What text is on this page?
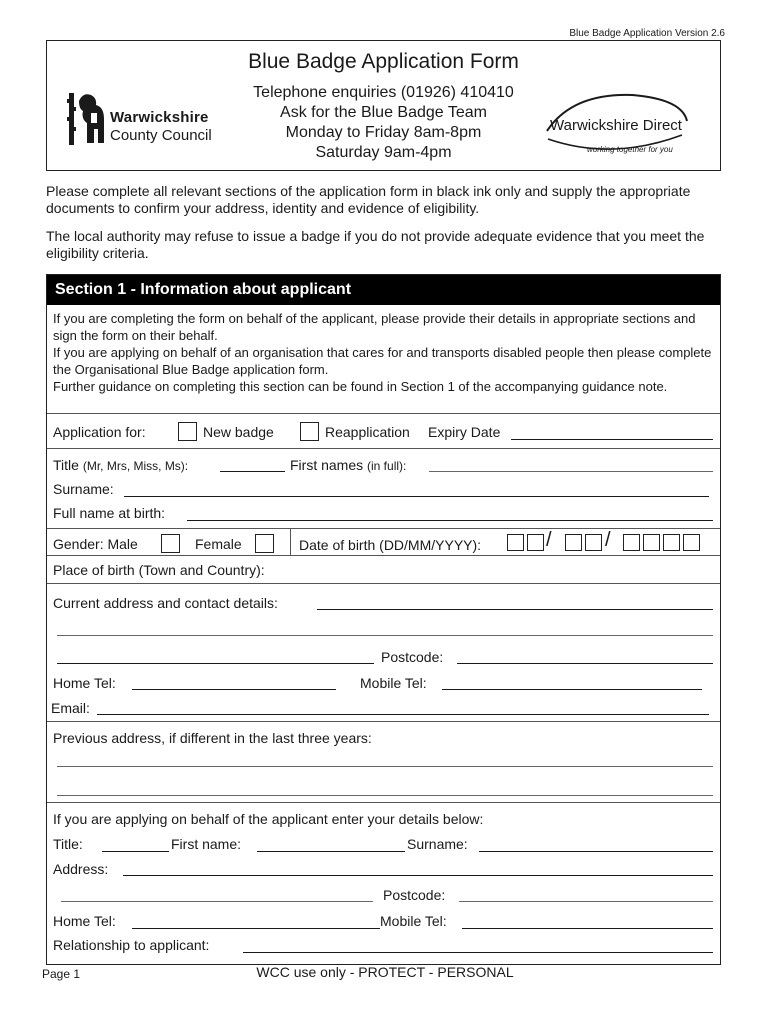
Blue Badge Application Version 2.6
Blue Badge Application Form
Telephone enquiries (01926) 410410
Ask for the Blue Badge Team
Monday to Friday 8am-8pm
Saturday 9am-4pm
Warwickshire
County Council
Warwickshire Direct
working together for you
Please complete all relevant sections of the application form in black ink only and supply the appropriate documents to confirm your address, identity and evidence of eligibility.
The local authority may refuse to issue a badge if you do not provide adequate evidence that you meet the eligibility criteria.
Section 1 - Information about applicant
If you are completing the form on behalf of the applicant, please provide their details in appropriate sections and sign the form on their behalf.
If you are applying on behalf of an organisation that cares for and transports disabled people then please complete the Organisational Blue Badge application form.
Further guidance on completing this section can be found in Section 1 of the accompanying guidance note.
Application for:	New badge	Reapplication Expiry Date
Title (Mr, Mrs, Miss, Ms):	First names (in full):
Surname:
Full name at birth:
Gender: Male	Female	Date of birth (DD/MM/YYYY):	/	/
Place of birth (Town and Country):
Current address and contact details:
Postcode:
Home Tel:	Mobile Tel:
Email:
Previous address, if different in the last three years:
If you are applying on behalf of the applicant enter your details below:
Title:	First name:	Surname:
Address:
Postcode:
Home Tel:	Mobile Tel:
Relationship to applicant:
Page 1	WCC use only - PROTECT - PERSONAL
